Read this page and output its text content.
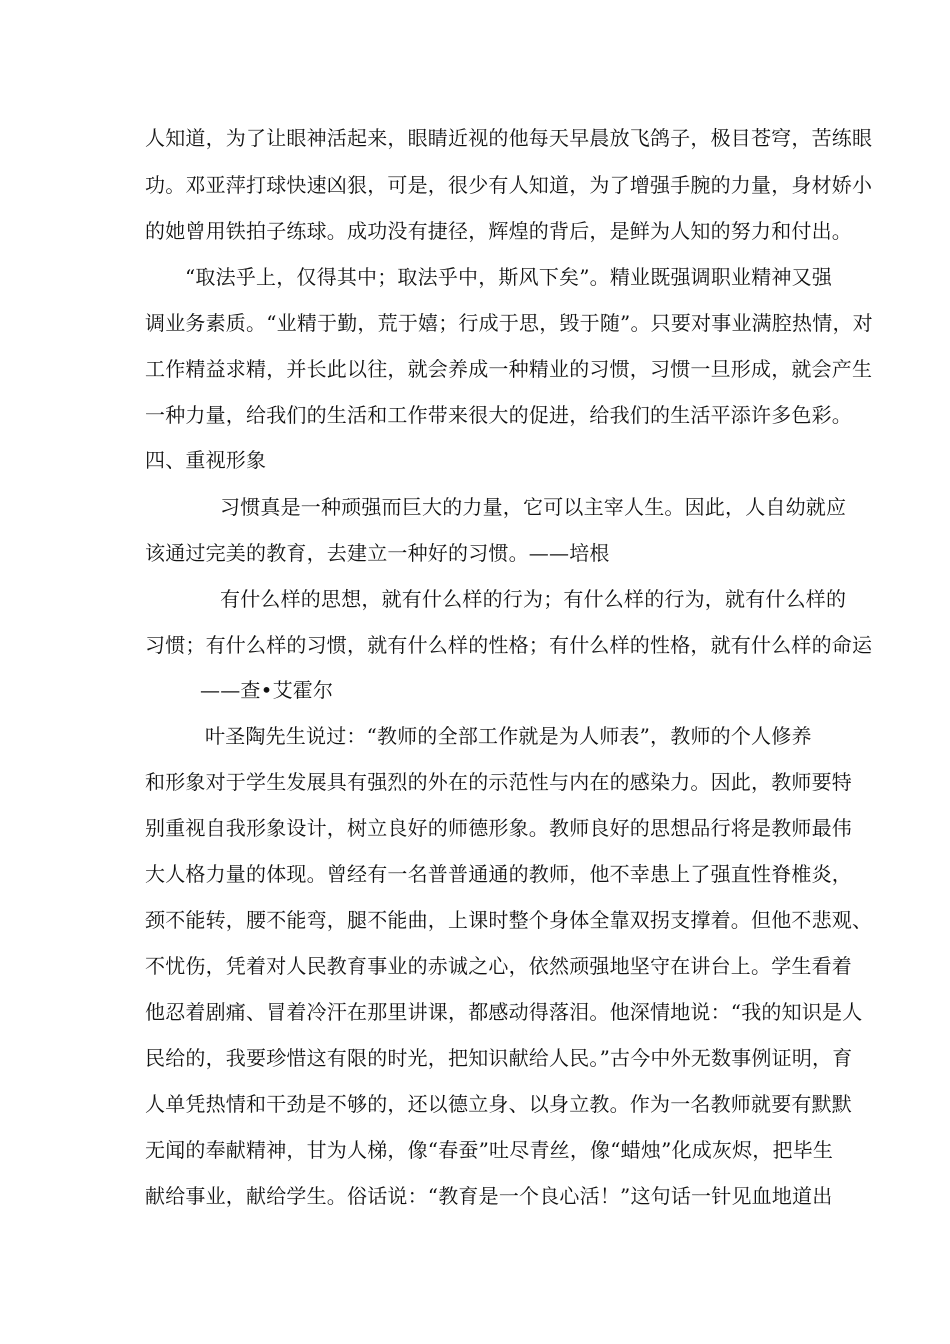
人知道，为了让眼神活起来，眼睛近视的他每天早晨放飞鸽子，极目苍穹，苦练眼
功。邓亚萍打球快速凶狠，可是，很少有人知道，为了增强手腕的力量，身材娇小
的她曾用铁拍子练球。成功没有捷径，辉煌的背后，是鲜为人知的努力和付出。
“取法乎上，仅得其中；取法乎中，斯风下矣”。精业既强调职业精神又强
调业务素质。“业精于勤，荒于嬉；行成于思，毁于随”。只要对事业满腔热情，对
工作精益求精，并长此以往，就会养成一种精业的习惯，习惯一旦形成，就会产生
一种力量，给我们的生活和工作带来很大的促进，给我们的生活平添许多色彩。
四、重视形象
习惯真是一种顽强而巨大的力量，它可以主宰人生。因此，人自幼就应
该通过完美的教育，去建立一种好的习惯。——培根
有什么样的思想，就有什么样的行为；有什么样的行为，就有什么样的
习惯；有什么样的习惯，就有什么样的性格；有什么样的性格，就有什么样的命运
——查•艾霍尔
叶圣陶先生说过：“教师的全部工作就是为人师表”，教师的个人修养
和形象对于学生发展具有强烈的外在的示范性与内在的感染力。因此，教师要特
别重视自我形象设计，树立良好的师德形象。教师良好的思想品行将是教师最伟
大人格力量的体现。曾经有一名普普通通的教师，他不幸患上了强直性脊椎炎，
颈不能转，腰不能弯，腿不能曲，上课时整个身体全靠双拐支撑着。但他不悲观、
不忧伤，凭着对人民教育事业的赤诚之心，依然顽强地坚守在讲台上。学生看着
他忍着剧痛、冒着冷汗在那里讲课，都感动得落泪。他深情地说：“我的知识是人
民给的，我要珍惜这有限的时光，把知识献给人民。”古今中外无数事例证明，育
人单凭热情和干劲是不够的，还以德立身、以身立教。作为一名教师就要有默默
无闻的奉献精神，甘为人梯，像“春蚕”吐尽青丝，像“蜡烛”化成灰烬，把毕生
献给事业，献给学生。俗话说：“教育是一个良心活！”这句话一针见血地道出
